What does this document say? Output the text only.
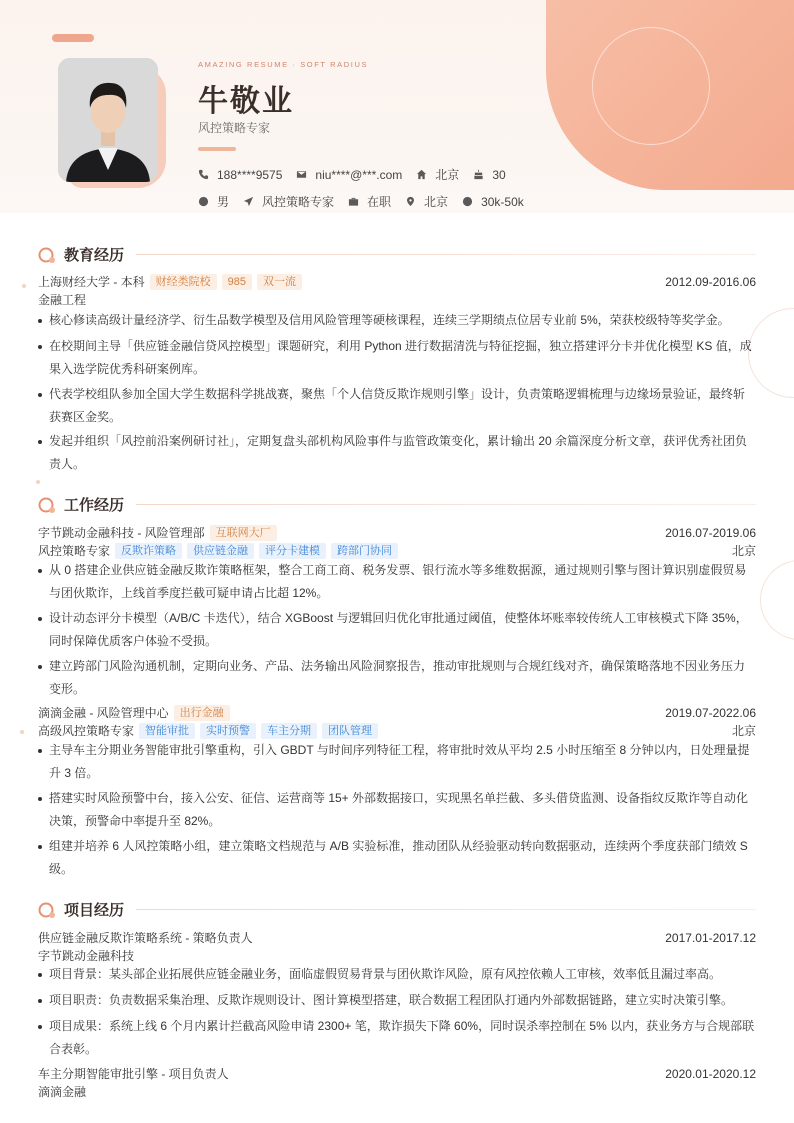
AMAZING RESUME · SOFT RADIUS
牛敬业
风控策略专家
188****9575	niu****@***.com	北京	30
男	风控策略专家	在职	北京	30k-50k
教育经历
上海财经大学 - 本科	财经类院校	985	双一流	2012.09-2016.06
金融工程
核心修读高级计量经济学、衍生品数学模型及信用风险管理等硬核课程，连续三学期绩点位居专业前 5%，荣获校级特等奖学金。
在校期间主导「供应链金融信贷风控模型」课题研究，利用 Python 进行数据清洗与特征挖掘，独立搭建评分卡并优化模型 KS 值，成果入选学院优秀科研案例库。
代表学校组队参加全国大学生数据科学挑战赛，聚焦「个人信贷反欺诈规则引擎」设计，负责策略逻辑梳理与边缘场景验证，最终斩获赛区金奖。
发起并组织「风控前沿案例研讨社」，定期复盘头部机构风险事件与监管政策变化，累计输出 20 余篇深度分析文章，获评优秀社团负责人。
工作经历
字节跳动金融科技 - 风险管理部	互联网大厂	2016.07-2019.06
风控策略专家	反欺诈策略	供应链金融	评分卡建模	跨部门协同	北京
从 0 搭建企业供应链金融反欺诈策略框架，整合工商工商、税务发票、银行流水等多维数据源，通过规则引擎与图计算识别虚假贸易与团伙欺诈，上线首季度拦截可疑申请占比超 12%。
设计动态评分卡模型（A/B/C 卡迭代），结合 XGBoost 与逻辑回归优化审批通过阈值，使整体坏账率较传统人工审核模式下降 35%，同时保障优质客户体验不受损。
建立跨部门风险沟通机制，定期向业务、产品、法务输出风险洞察报告，推动审批规则与合规红线对齐，确保策略落地不因业务压力变形。
滴滴金融 - 风险管理中心	出行金融	2019.07-2022.06
高级风控策略专家	智能审批	实时预警	车主分期	团队管理	北京
主导车主分期业务智能审批引擎重构，引入 GBDT 与时间序列特征工程，将审批时效从平均 2.5 小时压缩至 8 分钟以内，日处理量提升 3 倍。
搭建实时风险预警中台，接入公安、征信、运营商等 15+ 外部数据接口，实现黑名单拦截、多头借贷监测、设备指纹反欺诈等自动化决策，预警命中率提升至 82%。
组建并培养 6 人风控策略小组，建立策略文档规范与 A/B 实验标准，推动团队从经验驱动转向数据驱动，连续两个季度获部门绩效 S 级。
项目经历
供应链金融反欺诈策略系统 - 策略负责人	2017.01-2017.12
字节跳动金融科技
项目背景：某头部企业拓展供应链金融业务，面临虚假贸易背景与团伙欺诈风险，原有风控依赖人工审核，效率低且漏过率高。
项目职责：负责数据采集治理、反欺诈规则设计、图计算模型搭建，联合数据工程团队打通内外部数据链路，建立实时决策引擎。
项目成果：系统上线 6 个月内累计拦截高风险申请 2300+ 笔，欺诈损失下降 60%，同时误杀率控制在 5% 以内，获业务方与合规部联合表彰。
车主分期智能审批引擎 - 项目负责人	2020.01-2020.12
滴滴金融
